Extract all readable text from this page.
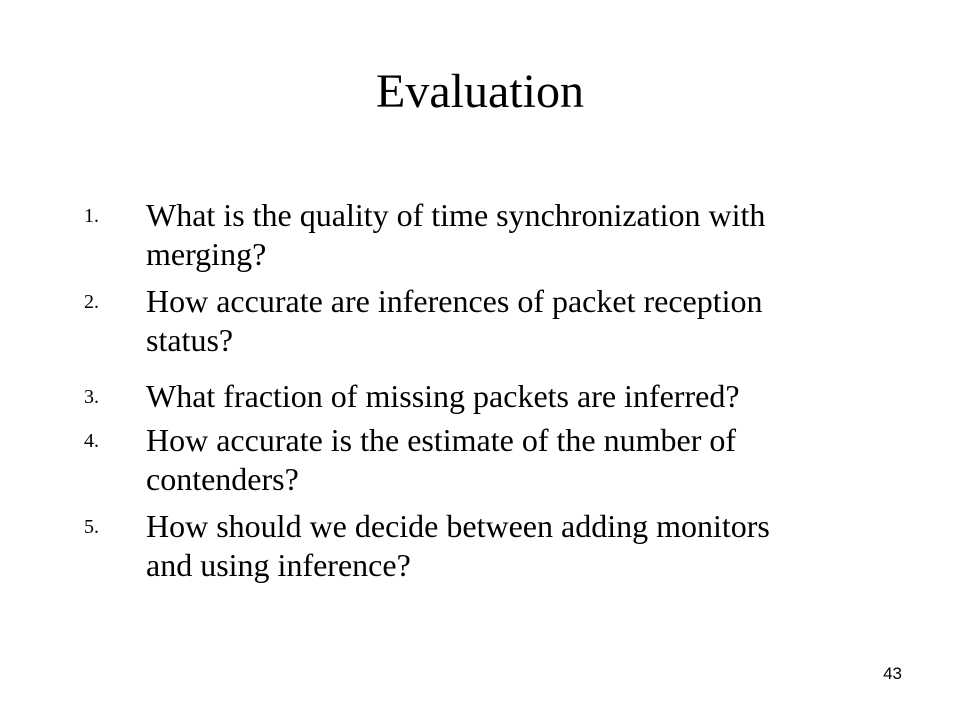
Evaluation
1. What is the quality of time synchronization with
merging?
2. How accurate are inferences of packet reception
status?
3. What fraction of missing packets are inferred?
4. How accurate is the estimate of the number of
contenders?
5. How should we decide between adding monitors
and using inference?
43
